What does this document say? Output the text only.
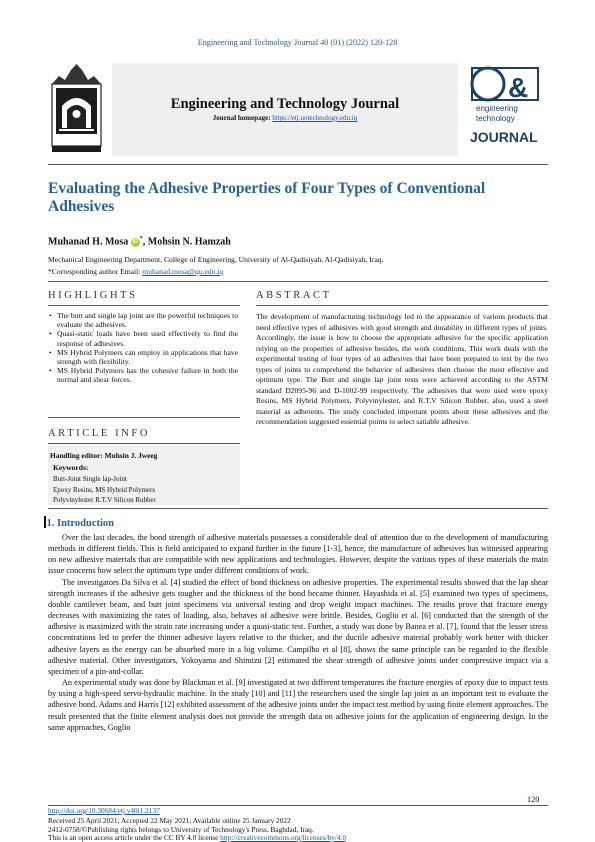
Engineering and Technology Journal 40 (01) (2022) 120-128
القادسية
Engineering and Technology Journal
Journal homepage: https://etj.uotechnology.edu.iq
&
engineering
technology
JOURNAL
Evaluating the Adhesive Properties of Four Types of Conventional Adhesives
Muhanad H. Mosa iD*, Mohsin N. Hamzah
Mechanical Engineering Department, College of Engineering, University of Al-Qadisiyah, Al-Qadisiyah, Iraq.
*Corresponding author Email: muhanad.mosa@qu.edu.iq
HIGHLIGHTS
• The butt and single lap joint are the powerful techniques to evaluate the adhesives.
• Quasi-static loads have been used effectively to find the response of adhesives.
• MS Hybrid Polymers can employ in applications that have strength with flexibility.
• MS Hybrid Polymers has the cohesive failure in both the normal and shear forces.
ARTICLE INFO
Handling editor: Muhsin J. Jweeg
Keywords:
Butt-Joint Single lap-Joint
Epoxy Resins, MS Hybrid Polymers
Polyvinylester R.T.V Silicon Rubber
ABSTRACT
The development of manufacturing technology led to the appearance of various products that need effective types of adhesives with good strength and durability in different types of joints. Accordingly, the issue is how to choose the appropriate adhesive for the specific application relying on the properties of adhesive besides, the work conditions. This work deals with the experimental testing of four types of an adhesives that have been prepared to test by the two types of joints to comprehend the behavior of adhesives then choose the most effective and optimum type. The Butt and single lap joint tests were achieved according to the ASTM standard D2095-96 and D-1002-99 respectively. The adhesives that were used were epoxy Resins, MS Hybrid Polymers, Polyvinylester, and R.T.V Silicon Rubber, also, used a steel material as adherents. The study concluded important points about these adhesives and the recommendation suggested essential points to select satiable adhesive.
1. Introduction

Over the last decades, the bond strength of adhesive materials possesses a considerable deal of attention due to the development of manufacturing methods in different fields. This is field anticipated to expand further in the future [1-3], hence, the manufacture of adhesives has witnessed appearing on new adhesive materials that are compatible with new applications and technologies. However, despite the various types of these materials the main issue concerns how select the optimum type under different conditions of work.

The investigators Da Silva et al. [4] studied the effect of bond thickness on adhesive properties. The experimental results showed that the lap shear strength increases if the adhesive gets tougher and the thickness of the bond became thinner. Hayashida et al. [5] examined two types of specimens, double cantilever beam, and butt joint specimens via universal testing and drop weight impact machines. The results prove that fracture energy decreases with maximizing the rates of loading, also, behaves of adhesive were brittle. Besides, Goglio et al. [6] conducted that the strength of the adhesive is maximized with the strain rate increasing under a quasi-static test. Further, a study was done by Banea et al. [7], found that the lesser stress concentrations led to prefer the thinner adhesive layers relative to the thicker, and the ductile adhesive material probably work better with thicker adhesive layers as the energy can be absorbed more in a big volume. Campilho et al [8], shows the same principle can be regarded to the flexible adhesive material. Other investigators, Yokoyama and Shimizu [2] estimated the shear strength of adhesive joints under compressive impact via a specimen of a pin-and-collar.

An experimental study was done by Blackman et al. [9] investigated at two different temperatures the fracture energies of epoxy due to impact tests by using a high-speed servo-hydraulic machine. In the study [10] and [11] the researchers used the single lap joint as an important test to evaluate the adhesive bond. Adams and Harris [12] exhibited assessment of the adhesive joints under the impact test method by using finite element approaches. The result presented that the finite element analysis does not provide the strength data on adhesive joints for the application of engineering design. In the same approaches, Goglio

120
http://doi.org/10.30684/etj.v40i1.2137
Received 25 April 2021; Accepted 22 May 2021; Available online 25 January 2022
2412-0758/©Publishing rights belongs to University of Technology's Press, Baghdad, Iraq.
This is an open access article under the CC BY 4.0 license http://creativecommons.org/licenses/by/4.0
